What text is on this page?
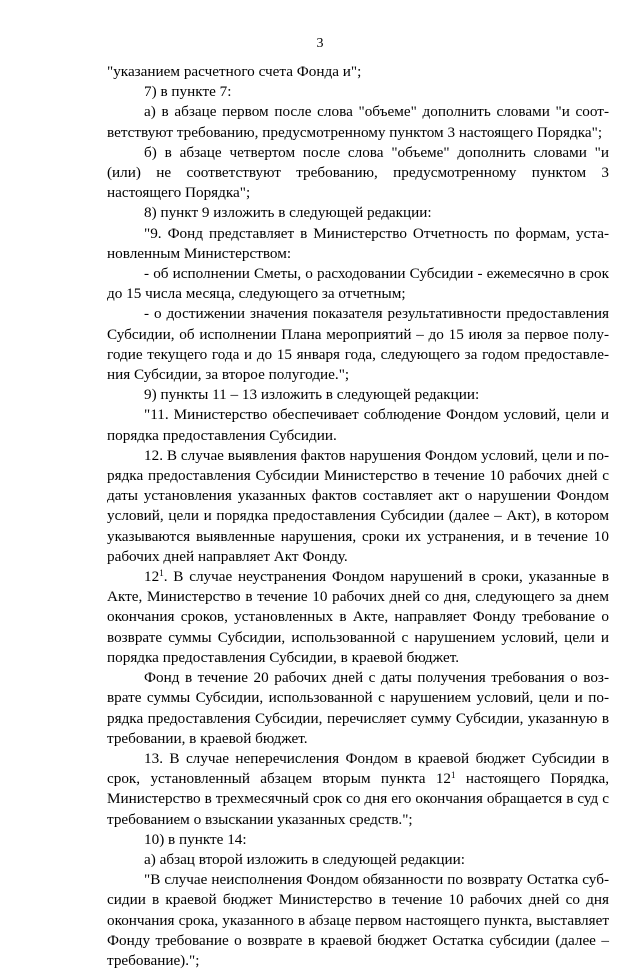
3

"указанием расчетного счета Фонда и";

7) в пункте 7:

а) в абзаце первом после слова "объеме" дополнить словами "и соответствуют требованию, предусмотренному пунктом 3 настоящего Порядка";

б) в абзаце четвертом после слова "объеме" дополнить словами "и (или) не соответствуют требованию, предусмотренному пунктом 3 настоящего Порядка";

8) пункт 9 изложить в следующей редакции:

"9. Фонд представляет в Министерство Отчетность по формам, установленным Министерством:

- об исполнении Сметы, о расходовании Субсидии - ежемесячно в срок до 15 числа месяца, следующего за отчетным;

- о достижении значения показателя результативности предоставления Субсидии, об исполнении Плана мероприятий – до 15 июля за первое полугодие текущего года и до 15 января года, следующего за годом предоставления Субсидии, за второе полугодие.";

9) пункты 11 – 13 изложить в следующей редакции:

"11. Министерство обеспечивает соблюдение Фондом условий, цели и порядка предоставления Субсидии.

12. В случае выявления фактов нарушения Фондом условий, цели и порядка предоставления Субсидии Министерство в течение 10 рабочих дней с даты установления указанных фактов составляет акт о нарушении Фондом условий, цели и порядка предоставления Субсидии (далее – Акт), в котором указываются выявленные нарушения, сроки их устранения, и в течение 10 рабочих дней направляет Акт Фонду.

$12^1$. В случае неустранения Фондом нарушений в сроки, указанные в Акте, Министерство в течение 10 рабочих дней со дня, следующего за днем окончания сроков, установленных в Акте, направляет Фонду требование о возврате суммы Субсидии, использованной с нарушением условий, цели и порядка предоставления Субсидии, в краевой бюджет.

Фонд в течение 20 рабочих дней с даты получения требования о возврате суммы Субсидии, использованной с нарушением условий, цели и порядка предоставления Субсидии, перечисляет сумму Субсидии, указанную в требовании, в краевой бюджет.

13. В случае неперечисления Фондом в краевой бюджет Субсидии в срок, установленный абзацем вторым пункта $12^1$ настоящего Порядка, Министерство в трехмесячный срок со дня его окончания обращается в суд с требованием о взыскании указанных средств.";

10) в пункте 14:

а) абзац второй изложить в следующей редакции:

"В случае неисполнения Фондом обязанности по возврату Остатка субсидии в краевой бюджет Министерство в течение 10 рабочих дней со дня окончания срока, указанного в абзаце первом настоящего пункта, выставляет Фонду требование о возврате в краевой бюджет Остатка субсидии (далее – требование).";
